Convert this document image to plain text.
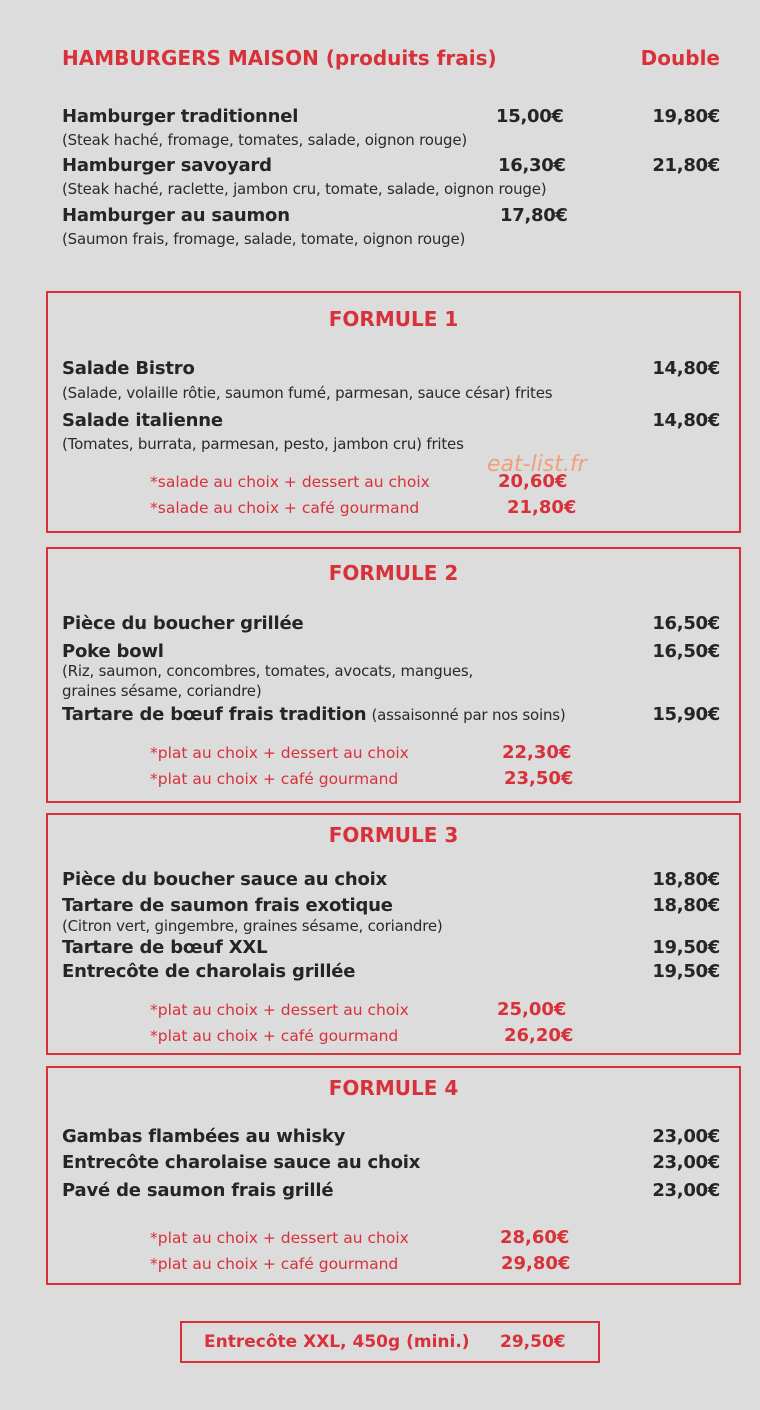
HAMBURGERS MAISON (produits frais)	Double
Hamburger traditionnel	15,00€	19,80€
(Steak haché, fromage, tomates, salade, oignon rouge)
Hamburger savoyard	16,30€	21,80€
(Steak haché, raclette, jambon cru, tomate, salade, oignon rouge)
Hamburger au saumon	17,80€
(Saumon frais, fromage, salade, tomate, oignon rouge)
FORMULE 1
Salade Bistro	14,80€
(Salade, volaille rôtie, saumon fumé, parmesan, sauce césar) frites
Salade italienne	14,80€
(Tomates, burrata, parmesan, pesto, jambon cru) frites
eat-list.fr
*salade au choix + dessert au choix	20,60€
*salade au choix + café gourmand	21,80€
FORMULE 2
Pièce du boucher grillée	16,50€
Poke bowl	16,50€
(Riz, saumon, concombres, tomates, avocats, mangues,
graines sésame, coriandre)
Tartare de bœuf frais tradition (assaisonné par nos soins)	15,90€
*plat au choix + dessert au choix	22,30€
*plat au choix + café gourmand	23,50€
FORMULE 3
Pièce du boucher sauce au choix	18,80€
Tartare de saumon frais exotique	18,80€
(Citron vert, gingembre, graines sésame, coriandre)
Tartare de bœuf XXL	19,50€
Entrecôte de charolais grillée	19,50€
*plat au choix + dessert au choix	25,00€
*plat au choix + café gourmand	26,20€
FORMULE 4
Gambas flambées au whisky	23,00€
Entrecôte charolaise sauce au choix	23,00€
Pavé de saumon frais grillé	23,00€
*plat au choix + dessert au choix	28,60€
*plat au choix + café gourmand	29,80€
Entrecôte XXL, 450g (mini.) 29,50€
